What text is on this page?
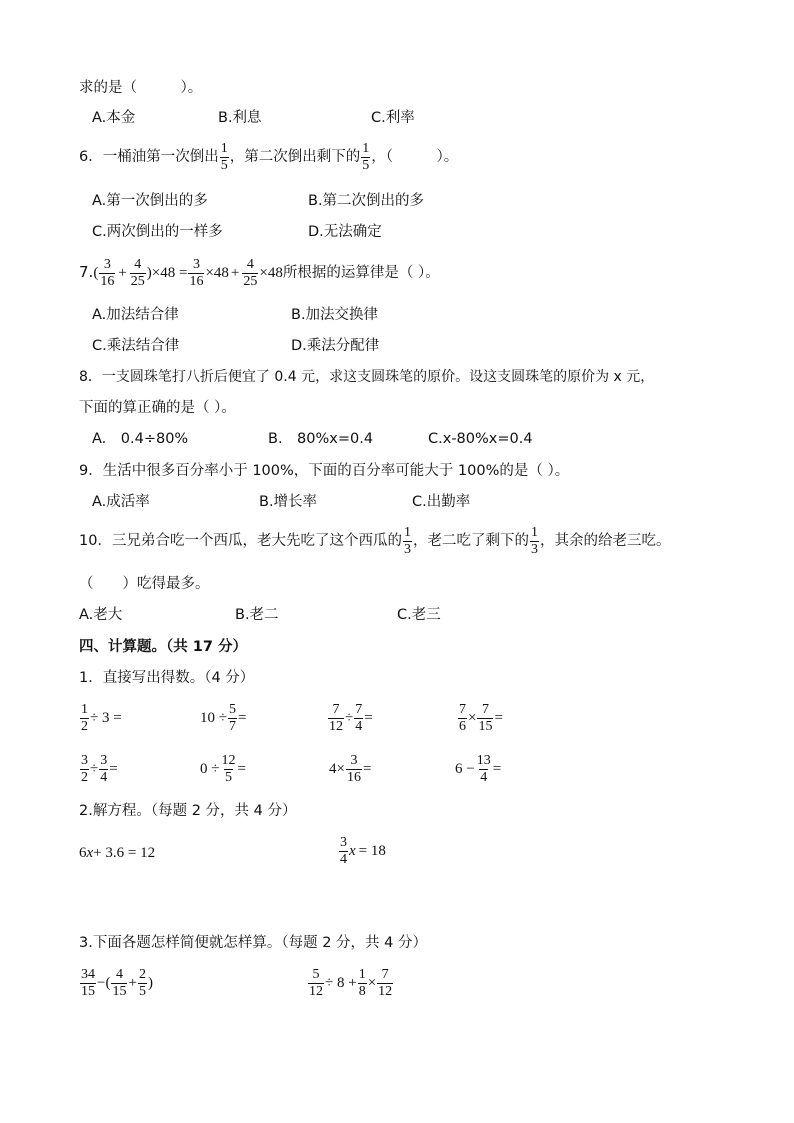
求的是（　　　）。
A.本金	B.利息	C.利率
6．一桶油第一次倒出 $\frac{1}{5}$ ，第二次倒出剩下的 $\frac{1}{5}$ ，（　　　）。
A.第一次倒出的多	B.第二次倒出的多
C.两次倒出的一样多	D.无法确定
$7.( \frac{3}{16} + \frac{4}{25} )\times 48 = \frac{3}{16} \times 48 + \frac{4}{25} \times 48$所根据的运算律是（ ）。
A.加法结合律	B.加法交换律
C.乘法结合律	D.乘法分配律
8．一支圆珠笔打八折后便宜了 0.4 元，求这支圆珠笔的原价。设这支圆珠笔的原价为 x 元，
下面的算正确的是（ ）。
A.　0.4÷80%	B.　80%x=0.4	C.x-80%x=0.4
9．生活中很多百分率小于 100%，下面的百分率可能大于 100%的是（ ）。
A.成活率	B.增长率	C.出勤率
10．三兄弟合吃一个西瓜，老大先吃了这个西瓜的 $\frac{1}{3}$ ，老二吃了剩下的 $\frac{1}{3}$ ，其余的给老三吃。
（　　）吃得最多。
A.老大	B.老二	C.老三
四、计算题。（共 17 分）
1．直接写出得数。（4 分）
$\frac{1}{2} \div 3$ =	$10 \div \frac{5}{7}$ =	$\frac{7}{12} \div \frac{7}{4}$ =	$\frac{7}{6} \times \frac{7}{15}$ =
$\frac{3}{2} \div \frac{3}{4}$ =	$0 \div \frac{12}{5}$ =	$4\times \frac{3}{16}$ =	$6 - \frac{13}{4}$ =
2.解方程。（每题 2 分，共 4 分）
6x+ 3.6 = 12	$\frac{3}{4}$ x = 18
3.下面各题怎样简便就怎样算。（每题 2 分，共 4 分）
$\frac{34}{15}$ −( $\frac{4}{15} + \frac{2}{5}$ )	$\frac{5}{12} \div 8 + \frac{1}{8} \times \frac{7}{12}$
